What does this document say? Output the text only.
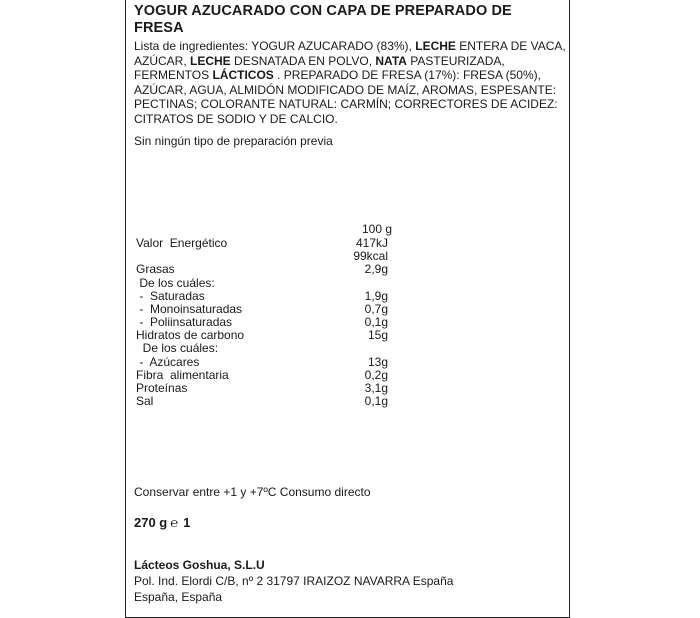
YOGUR AZUCARADO CON CAPA DE PREPARADO DE FRESA
Lista de ingredientes: YOGUR AZUCARADO (83%), LECHE ENTERA DE VACA, AZÚCAR, LECHE DESNATADA EN POLVO, NATA PASTEURIZADA, FERMENTOS LÁCTICOS . PREPARADO DE FRESA (17%): FRESA (50%), AZÚCAR, AGUA, ALMIDÓN MODIFICADO DE MAÍZ, AROMAS, ESPESANTE: PECTINAS; COLORANTE NATURAL: CARMÍN; CORRECTORES DE ACIDEZ: CITRATOS DE SODIO Y DE CALCIO.
Sin ningún tipo de preparación previa
100 g
Valor  Energético	417kJ
99kcal
Grasas	2,9g
De los cuáles:
-  Saturadas	1,9g
-  Monoinsaturadas	0,7g
-  Poliinsaturadas	0,1g
Hidratos de carbono	15g
De los cuáles:
-  Azúcares	13g
Fibra  alimentaria	0,2g
Proteínas	3,1g
Sal	0,1g
Conservar entre +1 y +7ºC Consumo directo
270 g ℮ 1
Lácteos Goshua, S.L.U
Pol. Ind. Elordi C/B, nº 2 31797 IRAIZOZ NAVARRA España
España, España
